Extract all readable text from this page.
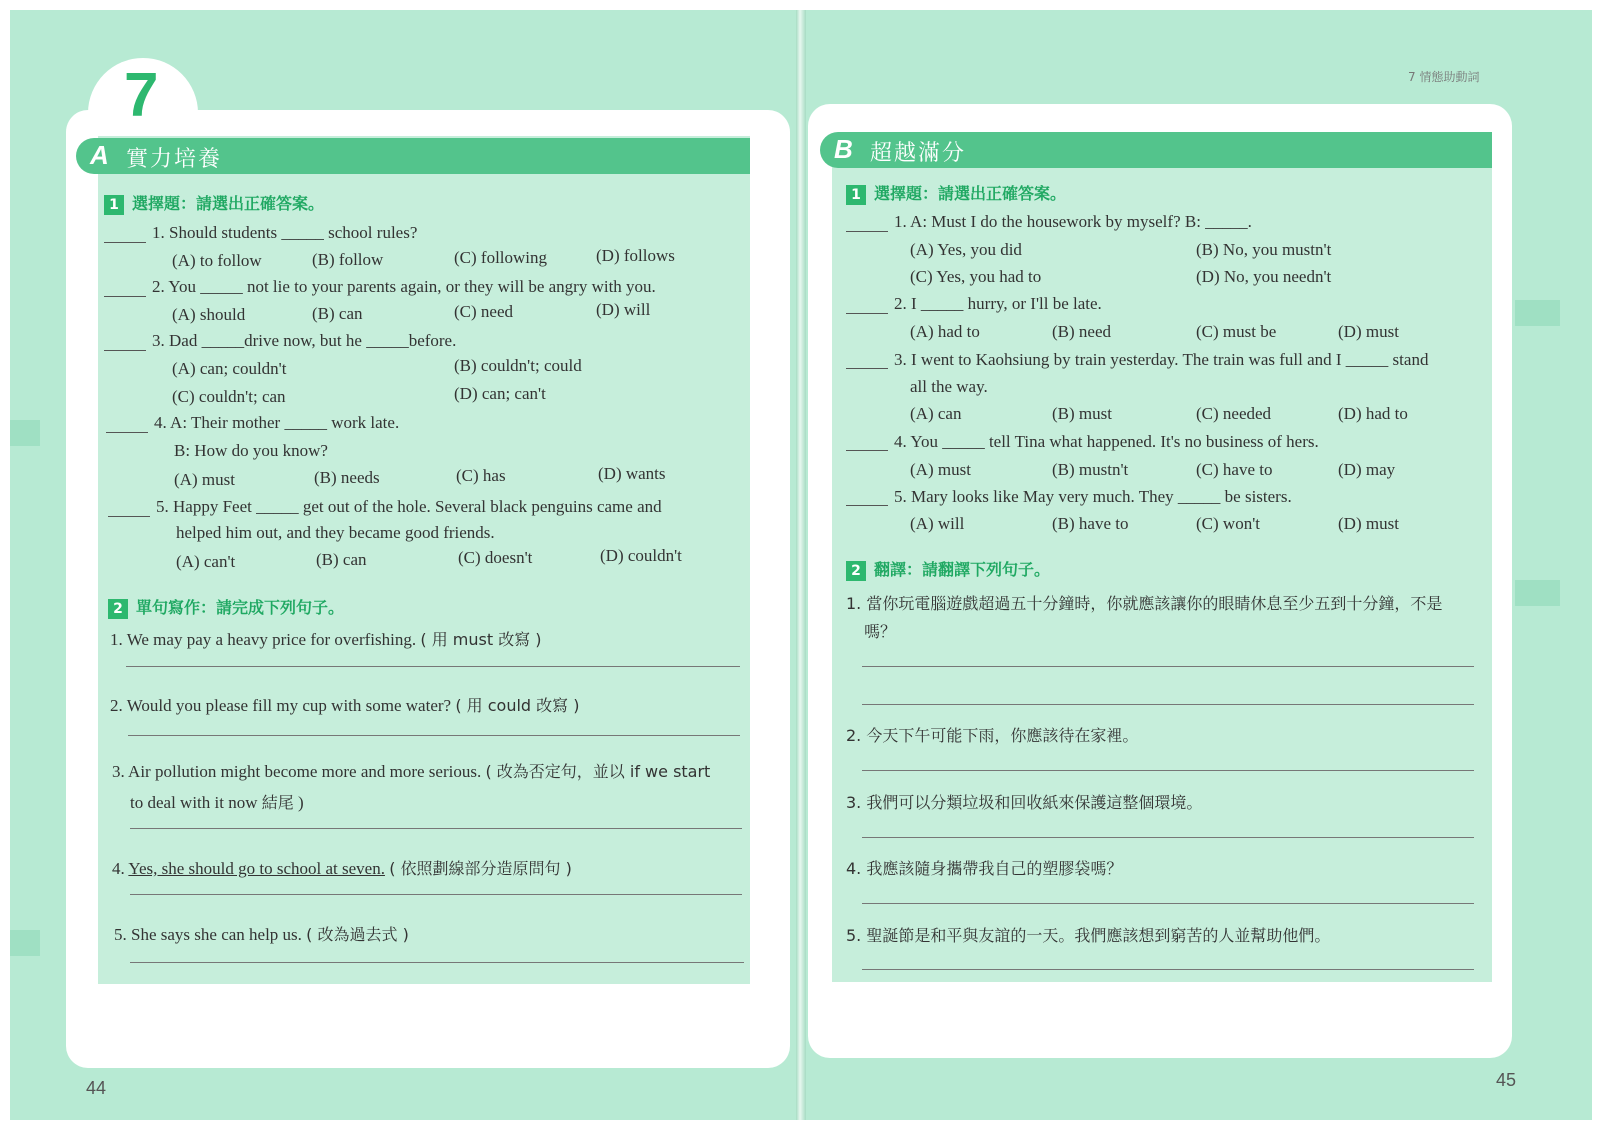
7
A 實力培養
1 選擇題：請選出正確答案。
1. Should students _____ school rules?
(A) to follow	(B) follow	(C) following	(D) follows
2. You _____ not lie to your parents again, or they will be angry with you.
(A) should	(B) can	(C) need	(D) will
3. Dad _____drive now, but he _____before.
(A) can; couldn't	(B) couldn't; could
(C) couldn't; can	(D) can; can't
4. A: Their mother _____ work late.
B: How do you know?
(A) must	(B) needs	(C) has	(D) wants
5. Happy Feet _____ get out of the hole. Several black penguins came and
helped him out, and they became good friends.
(A) can't	(B) can	(C) doesn't	(D) couldn't
2 單句寫作：請完成下列句子。
1. We may pay a heavy price for overfishing. ( 用 must 改寫 )
2. Would you please fill my cup with some water? ( 用 could 改寫 )
3. Air pollution might become more and more serious. ( 改為否定句，並以 if we start
to deal with it now 結尾 )
4. Yes, she should go to school at seven. ( 依照劃線部分造原問句 )
5. She says she can help us. ( 改為過去式 )
44
7 情態助動詞
B 超越滿分
1 選擇題：請選出正確答案。
1. A: Must I do the housework by myself? B: _____.
(A) Yes, you did	(B) No, you mustn't
(C) Yes, you had to	(D) No, you needn't
2. I _____ hurry, or I'll be late.
(A) had to	(B) need	(C) must be	(D) must
3. I went to Kaohsiung by train yesterday. The train was full and I _____ stand
all the way.
(A) can	(B) must	(C) needed	(D) had to
4. You _____ tell Tina what happened. It's no business of hers.
(A) must	(B) mustn't	(C) have to	(D) may
5. Mary looks like May very much. They _____ be sisters.
(A) will	(B) have to	(C) won't	(D) must
2 翻譯：請翻譯下列句子。
1. 當你玩電腦遊戲超過五十分鐘時，你就應該讓你的眼睛休息至少五到十分鐘，不是
嗎？
2. 今天下午可能下雨，你應該待在家裡。
3. 我們可以分類垃圾和回收紙來保護這整個環境。
4. 我應該隨身攜帶我自己的塑膠袋嗎？
5. 聖誕節是和平與友誼的一天。我們應該想到窮苦的人並幫助他們。
45
